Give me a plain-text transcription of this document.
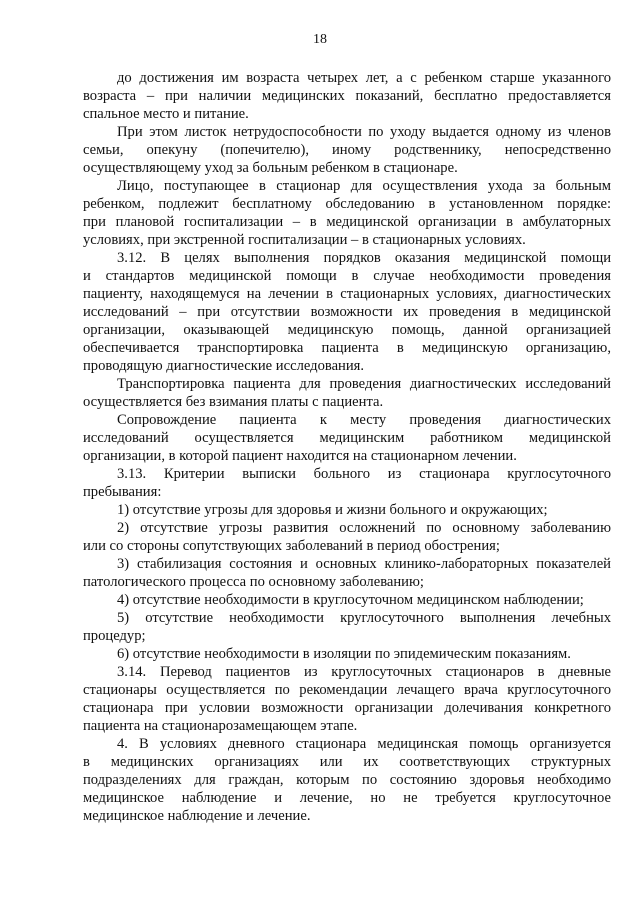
18
до достижения им возраста четырех лет, а с ребенком старше указанного
возраста – при наличии медицинских показаний, бесплатно предоставляется
спальное место и питание.
При этом листок нетрудоспособности по уходу выдается одному из членов
семьи, опекуну (попечителю), иному родственнику, непосредственно
осуществляющему уход за больным ребенком в стационаре.
Лицо, поступающее в стационар для осуществления ухода за больным
ребенком, подлежит бесплатному обследованию в установленном порядке:
при плановой госпитализации – в медицинской организации в амбулаторных
условиях, при экстренной госпитализации – в стационарных условиях.
3.12. В целях выполнения порядков оказания медицинской помощи
и стандартов медицинской помощи в случае необходимости проведения
пациенту, находящемуся на лечении в стационарных условиях, диагностических
исследований – при отсутствии возможности их проведения в медицинской
организации, оказывающей медицинскую помощь, данной организацией
обеспечивается транспортировка пациента в медицинскую организацию,
проводящую диагностические исследования.
Транспортировка пациента для проведения диагностических исследований
осуществляется без взимания платы с пациента.
Сопровождение пациента к месту проведения диагностических
исследований осуществляется медицинским работником медицинской
организации, в которой пациент находится на стационарном лечении.
3.13. Критерии выписки больного из стационара круглосуточного
пребывания:
1) отсутствие угрозы для здоровья и жизни больного и окружающих;
2) отсутствие угрозы развития осложнений по основному заболеванию
или со стороны сопутствующих заболеваний в период обострения;
3) стабилизация состояния и основных клинико-лабораторных показателей
патологического процесса по основному заболеванию;
4) отсутствие необходимости в круглосуточном медицинском наблюдении;
5) отсутствие необходимости круглосуточного выполнения лечебных
процедур;
6) отсутствие необходимости в изоляции по эпидемическим показаниям.
3.14. Перевод пациентов из круглосуточных стационаров в дневные
стационары осуществляется по рекомендации лечащего врача круглосуточного
стационара при условии возможности организации долечивания конкретного
пациента на стационарозамещающем этапе.
4. В условиях дневного стационара медицинская помощь организуется
в медицинских организациях или их соответствующих структурных
подразделениях для граждан, которым по состоянию здоровья необходимо
медицинское наблюдение и лечение, но не требуется круглосуточное
медицинское наблюдение и лечение.
